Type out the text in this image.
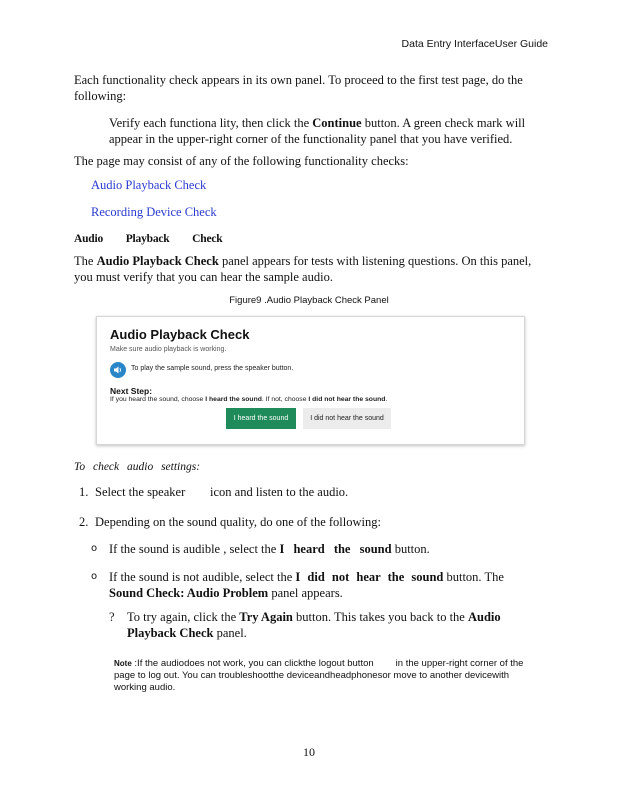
Data Entry InterfaceUser Guide
Each functionality check appears in its own panel. To proceed to the first test page, do the following:
Verify each functiona lity, then click the Continue button. A green check mark will appear in the upper-right corner of the functionality panel that you have verified.
The page may consist of any of the following functionality checks:
Audio Playback Check
Recording Device Check
Audio Playback Check
The Audio Playback Check panel appears for tests with listening questions. On this panel, you must verify that you can hear the sample audio.
Figure9 .Audio Playback Check Panel
Audio Playback Check
Make sure audio playback is working.
To play the sample sound, press the speaker button.
Next Step:
If you heard the sound, choose I heard the sound. If not, choose I did not hear the sound.
I heard the sound	I did not hear the sound
To check audio settings:
1. Select the speaker icon and listen to the audio.
2. Depending on the sound quality, do one of the following:
o If the sound is audible , select the I heard the sound button.
o If the sound is not audible, select the I did not hear the sound button. The Sound Check: Audio Problem panel appears.
? To try again, click the Try Again button. This takes you back to the Audio Playback Check panel.
Note :If the audiodoes not work, you can clickthe logout button in the upper-right corner of the page to log out. You can troubleshootthe deviceandheadphonesor move to another devicewith working audio.
10
